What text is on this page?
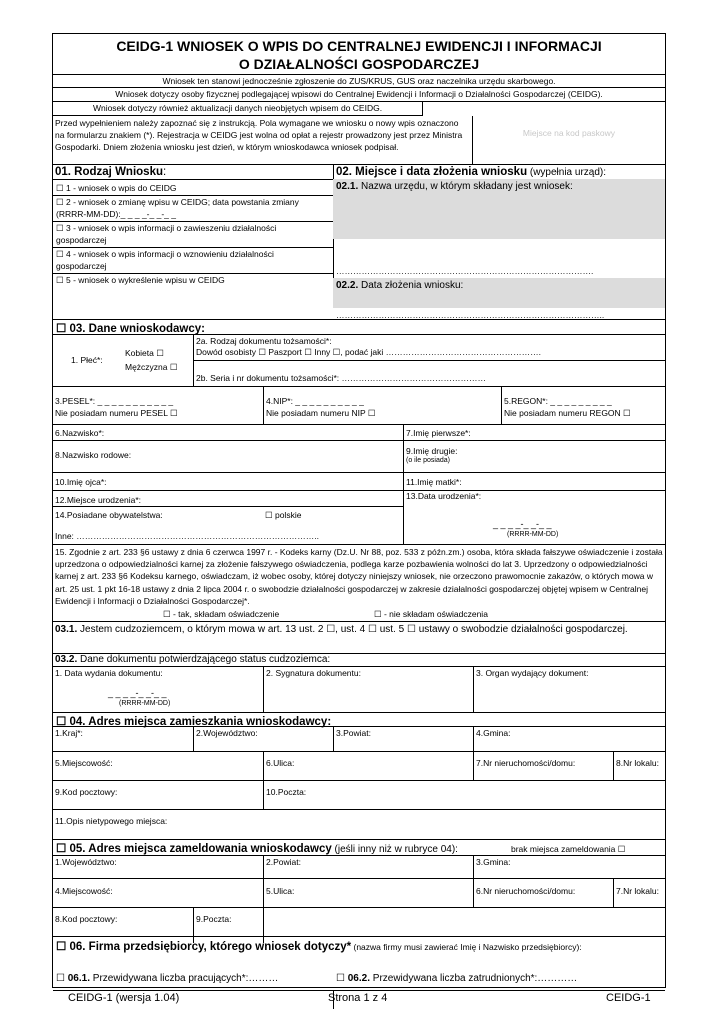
CEIDG-1 WNIOSEK O WPIS DO CENTRALNEJ EWIDENCJI I INFORMACJI
O DZIAŁALNOŚCI GOSPODARCZEJ
Wniosek ten stanowi jednocześnie zgłoszenie do ZUS/KRUS, GUS oraz naczelnika urzędu skarbowego.
Wniosek dotyczy osoby fizycznej podlegającej wpisowi do Centralnej Ewidencji i Informacji o Działalności Gospodarczej (CEIDG).
Wniosek dotyczy również aktualizacji danych nieobjętych wpisem do CEIDG.
Przed wypełnieniem należy zapoznać się z instrukcją. Pola wymagane we wniosku o nowy wpis oznaczono na formularzu znakiem (*). Rejestracja w CEIDG jest wolna od opłat a rejestr prowadzony jest przez Ministra Gospodarki. Dniem złożenia wniosku jest dzień, w którym wnioskodawca wniosek podpisał.
Miejsce na kod paskowy
01. Rodzaj Wniosku:
☐ 1 - wniosek o wpis do CEIDG
☐ 2 - wniosek o zmianę wpisu w CEIDG; data powstania zmiany
(RRRR-MM-DD):_ _ _ _-_ _-_ _
☐ 3 - wniosek o wpis informacji o zawieszeniu działalności
gospodarczej
☐ 4 - wniosek o wpis informacji o wznowieniu działalności
gospodarczej
☐ 5 - wniosek o wykreślenie wpisu w CEIDG
02. Miejsce i data złożenia wniosku (wypełnia urząd):
02.1. Nazwa urzędu, w którym składany jest wniosek:
……………………………………………………………………………….
02.2. Data złożenia wniosku:
…………………………………………………………………………………..
☐ 03. Dane wnioskodawcy:
1. Płeć*:
Kobieta ☐
Mężczyzna ☐
2a. Rodzaj dokumentu tożsamości*:
Dowód osobisty ☐ Paszport ☐ Inny ☐, podać jaki ……………………………………………….
2b. Seria i nr dokumentu tożsamości*: ……………………………………………
3.PESEL*: _ _ _ _ _ _ _ _ _ _ _
Nie posiadam numeru PESEL ☐
4.NIP*: _ _ _ _ _ _ _ _ _ _
Nie posiadam numeru NIP ☐
5.REGON*: _ _ _ _ _ _ _ _ _
Nie posiadam numeru REGON ☐
6.Nazwisko*:	7.Imię pierwsze*:
8.Nazwisko rodowe:	9.Imię drugie:
(o ile posiada)
10.Imię ojca*:	11.Imię matki*:
12.Miejsce urodzenia*:	13.Data urodzenia*:
_ _ _ _-_ _-_ _
(RRRR-MM-DD)
14.Posiadane obywatelstwa:	☐ polskie
Inne: …………………………………………………………………………..
15. Zgodnie z art. 233 §6 ustawy z dnia 6 czerwca 1997 r. - Kodeks karny (Dz.U. Nr 88, poz. 533 z późn.zm.) osoba, która składa fałszywe oświadczenie i została uprzedzona o odpowiedzialności karnej za złożenie fałszywego oświadczenia, podlega karze pozbawienia wolności do lat 3. Uprzedzony o odpowiedzialności karnej z art. 233 §6 Kodeksu karnego, oświadczam, iż wobec osoby, której dotyczy niniejszy wniosek, nie orzeczono prawomocnie zakazów, o których mowa w art. 25 ust. 1 pkt 16-18 ustawy z dnia 2 lipca 2004 r. o swobodzie działalności gospodarczej w zakresie działalności gospodarczej objętej wpisem w Centralnej Ewidencji i Informacji o Działalności Gospodarczej*.
☐ - tak, składam oświadczenie	☐ - nie składam oświadczenia
03.1. Jestem cudzoziemcem, o którym mowa w art. 13 ust. 2 ☐, ust. 4 ☐ ust. 5 ☐ ustawy o swobodzie działalności gospodarczej.
03.2. Dane dokumentu potwierdzającego status cudzoziemca:
1. Data wydania dokumentu:
_ _ _ _-_ _-_ _
(RRRR-MM-DD)
2. Sygnatura dokumentu:	3. Organ wydający dokument:
☐ 04. Adres miejsca zamieszkania wnioskodawcy:
1.Kraj*:	2.Województwo:	3.Powiat:	4.Gmina:
5.Miejscowość:	6.Ulica:	7.Nr nieruchomości/domu:	8.Nr lokalu:
9.Kod pocztowy:	10.Poczta:
11.Opis nietypowego miejsca:
☐ 05. Adres miejsca zameldowania wnioskodawcy (jeśli inny niż w rubryce 04):	brak miejsca zameldowania ☐
1.Województwo:	2.Powiat:	3.Gmina:
4.Miejscowość:	5.Ulica:	6.Nr nieruchomości/domu:	7.Nr lokalu:
8.Kod pocztowy:	9.Poczta:
☐ 06. Firma przedsiębiorcy, którego wniosek dotyczy* (nazwa firmy musi zawierać Imię i Nazwisko przedsiębiorcy):
☐ 06.1. Przewidywana liczba pracujących*:………	☐ 06.2. Przewidywana liczba zatrudnionych*:…………
CEIDG-1 (wersja 1.04)	Strona 1 z 4	CEIDG-1
